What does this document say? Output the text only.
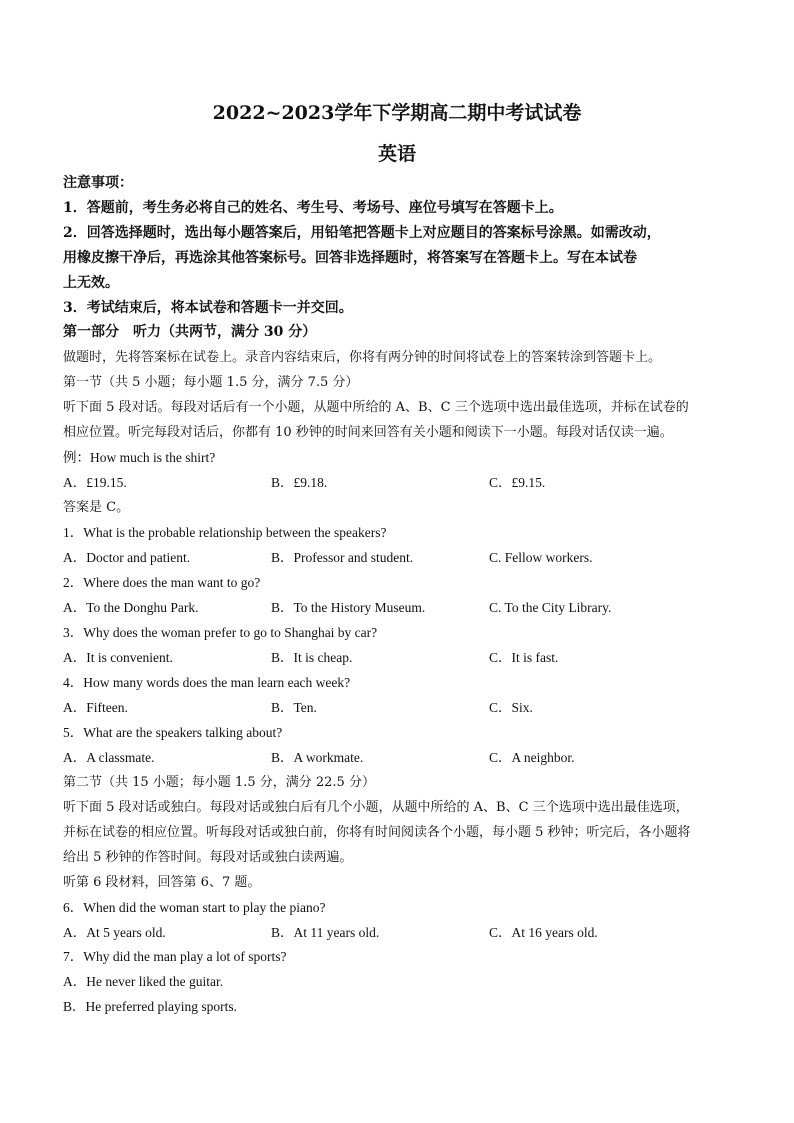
2022~2023学年下学期高二期中考试试卷
英语
注意事项：
1．答题前，考生务必将自己的姓名、考生号、考场号、座位号填写在答题卡上。
2．回答选择题时，选出每小题答案后，用铅笔把答题卡上对应题目的答案标号涂黑。如需改动，
用橡皮擦干净后，再选涂其他答案标号。回答非选择题时，将答案写在答题卡上。写在本试卷
上无效。
3．考试结束后，将本试卷和答题卡一并交回。
第一部分　听力（共两节，满分 30 分）
做题时，先将答案标在试卷上。录音内容结束后，你将有两分钟的时间将试卷上的答案转涂到答题卡上。
第一节（共 5 小题；每小题 1.5 分，满分 7.5 分）
听下面 5 段对话。每段对话后有一个小题，从题中所给的 A、B、C 三个选项中选出最佳选项，并标在试卷的
相应位置。听完每段对话后，你都有 10 秒钟的时间来回答有关小题和阅读下一小题。每段对话仅读一遍。
例：How much is the shirt?
A．£19.15.	B．£9.18.	C．£9.15.
答案是 C。
1．What is the probable relationship between the speakers?
A．Doctor and patient.	B．Professor and student.	C. Fellow workers.
2．Where does the man want to go?
A．To the Donghu Park.	B．To the History Museum.	C. To the City Library.
3．Why does the woman prefer to go to Shanghai by car?
A．It is convenient.	B．It is cheap.	C．It is fast.
4．How many words does the man learn each week?
A．Fifteen.	B．Ten.	C．Six.
5．What are the speakers talking about?
A．A classmate.	B．A workmate.	C．A neighbor.
第二节（共 15 小题；每小题 1.5 分，满分 22.5 分）
听下面 5 段对话或独白。每段对话或独白后有几个小题，从题中所给的 A、B、C 三个选项中选出最佳选项，
并标在试卷的相应位置。听每段对话或独白前，你将有时间阅读各个小题，每小题 5 秒钟；听完后，各小题将
给出 5 秒钟的作答时间。每段对话或独白读两遍。
听第 6 段材料，回答第 6、7 题。
6．When did the woman start to play the piano?
A．At 5 years old.	B．At 11 years old.	C．At 16 years old.
7．Why did the man play a lot of sports?
A．He never liked the guitar.
B．He preferred playing sports.
